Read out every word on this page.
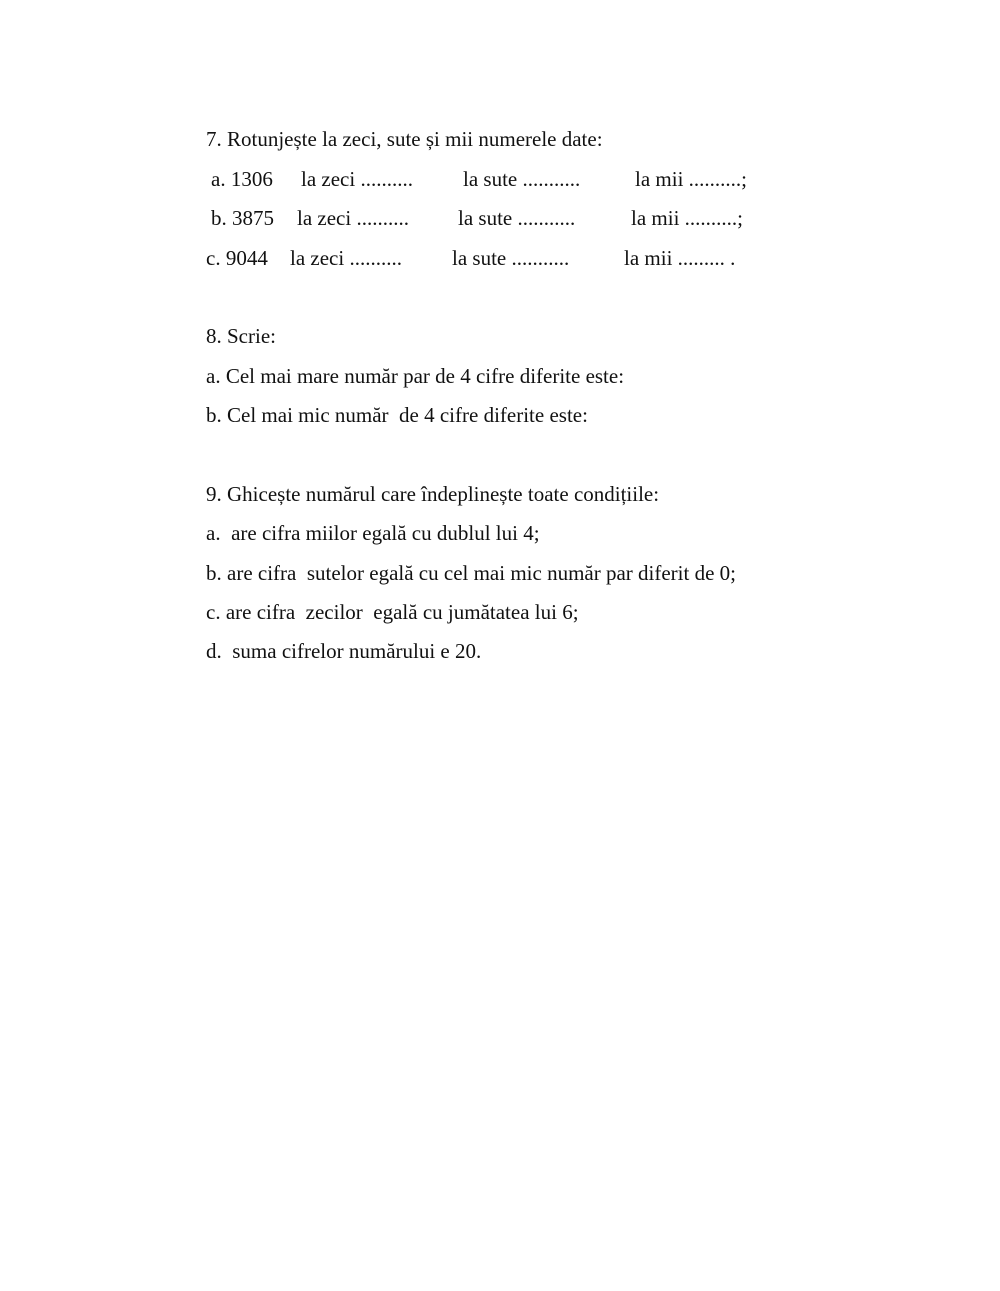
7. Rotunjește la zeci, sute și mii numerele date:
a. 1306 la zeci .......... la sute ...........	la mii ..........;
b. 3875 la zeci .......... la sute ...........	la mii ..........;
c. 9044 la zeci .......... la sute ...........	la mii ......... .
8. Scrie:
a. Cel mai mare număr par de 4 cifre diferite este:
b. Cel mai mic număr  de 4 cifre diferite este:
9. Ghicește numărul care îndeplinește toate condițiile:
a.  are cifra miilor egală cu dublul lui 4;
b. are cifra  sutelor egală cu cel mai mic număr par diferit de 0;
c. are cifra  zecilor  egală cu jumătatea lui 6;
d.  suma cifrelor numărului e 20.
